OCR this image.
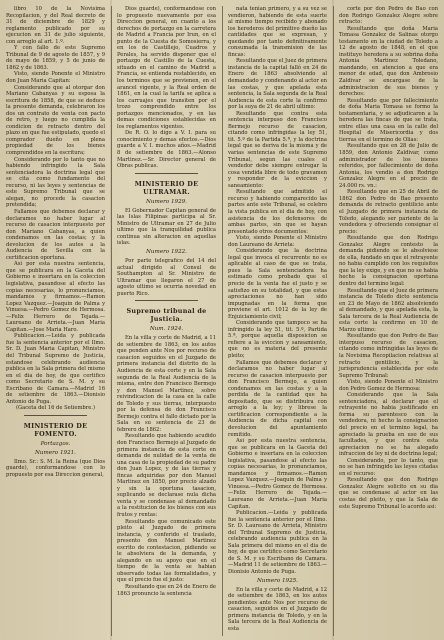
libro 10 de la Novisima Recopilacion, y del Real decreto de 31 de diciembre de 1829 y reglamento publicado por su ejecucion en 31 de julio siguiente, con arreglo al art. 1.º.

Y con fallo de este Supremo Tribunal de 9 de agosto de 1857, y 9 de mayo de 1859, y 5 de junio de 1862 y de 1863.

Visto, siendo Ponente el Ministro don Juan Maria Capitan:

Considerando que al otorgar don Mariano Cabanyas y su esposa la escritura de 1858, de que se deduce la presente demanda, celebraron los dos un contrato de venta con pacto de retro, y luego no cumplida la condicion de retracto dentro del plazo en que fue estipulado, quedo el comprador dueño en plena propiedad de los bienes comprendidos en la escritura;

Considerando por lo tanto que no habiendo infringido la Sala sentenciadora la doctrina legal que se cita como fundamento del recurso, ni las leyes y sentencias de este Supremo Tribunal que se alegan, no procede la casacion pretendida;

Fallamos que debemos declarar y declaramos no haber lugar al recurso de casacion interpuesto por don Mariano Cabanyas, a quien condenamos en las costas; y la devolucion de los autos a la Audiencia de Sevilla con la certificacion oportuna.

Asi por esta nuestra sentencia, que se publicara en la Gaceta del Gobierno e insertara en la coleccion legislativa, pasandose al efecto las copias necesarias, lo pronunciamos, mandamos y firmamos.—Ramon Lopez Vazquez.—Joaquin de Palma y Vinuesa.—Pedro Gomez de Hermosa.—Felix Herrero de Tejada.—Laureano de Arrieta.—Juan Maria Capitan.—Jose Maria Haro.

Publicacion.—Leida y publicada fue la sentencia anterior por el Ilmo. Sr. D. Juan Maria Capitan, Ministro del Tribunal Supremo de Justicia, estandose celebrando audiencia publica en la Sala primera del mismo en el dia de hoy, de que certifico como Secretario de S. M. y su Escribano de Camara.—Madrid 16 de setiembre de 1863.—Dionisio Antonio de Puga.

(Gaceta del 16 de Setiembre.)

MINISTERIO DE FOMENTO.
Portazgos.
Numero 1921.

Ilmo. Sr.: S. M. la Reina (que Dios guarde), conformandose con lo propuesto por esa Direccion general,

Dios guarde), conformandose con lo propuesto nuevamente por esa Direccion general, en cuanto a los derechos de portazgo en la carretera de Madrid a Francia por Irun, en el punto de la Cuesta de Somosierra, y en los de Castillejo, Cuadros y Perales, ha servido disponer que el portazgo de Castillo de la Cuesta, situado en el camino de Madrid a Francia, se entienda restablecido, en los terminos que se previenen, en el arancel vigente, y la Real orden de 1861, en la cual la tarifa se aplica a los carruajes que transiten por el trozo comprendido entre los portazgos mencionados, y en las demas condiciones establecidas en los reglamentos vigentes.

De R. O. lo digo a V. I. para su conocimiento y demas efectos.—Dios guarde a V. I. muchos años.—Madrid 8 de setiembre de 1863.—Alonso Martinez.—Sr. Director general de Obras publicas.

MINISTERIO DE ULTRAMAR.
Numero 1929.

El Gobernador Capitan general de las Islas Filipinas participa al Sr. Ministro de Ultramar en 27 de Julio ultimo que la tranquilidad publica continua sin alteracion en aquellas islas.

Numero 1922.

Por parte telegrafico del 14 del actual dirigido al Consul de Southampton al Sr. Ministro de Ultramar que llegaron el 27 de agosto ultimo se ocurria novedad en puerto Rico.

Supremo tribunal de Justicia.
Num. 1924.

En la villa y corte de Madrid, a 11 de setiembre de 1863, en los autos que penden ante Nos por recurso de casacion seguidos en el Juzgado de primera instancia del distrito de la Audiencia de esta corte y en la Sala segunda de la Real Audiencia de la misma, entre don Francisco Bermejo y don Manuel Martinez, sobre reivindicacion de la casa en la calle de Toledo y sus tierras, interpuesto por la defensa de don Francisco Bermejo contra el fallo dictado por la Sala en su sentencia de 23 de febrero de 1862:

Resultando que habiendo acudido don Francisco Bermejo al Juzgado de primera instancia de esta corte en demanda de nulidad de la venta de una casa de la propiedad de su padre don Juan Lopez, y de las tierras y fincas adquiridas por don Manuel Martinez en 1850, por precio alzado y sin la oportuna tasacion, suplicando se declarase nula dicha venta y se condenase al demandado a la restitucion de los bienes con sus frutos y rentas:

Resultando que comunicado este pleito al Juzgado de primera instancia, y conferido el traslado, presento don Manuel Martinez escrito de contestacion, pidiendo se le absolviera de la demanda, y alegando en su apoyo que en el tiempo de la venta se habian observado todas las formalidades, y que el precio fue el justo:

Resultando que en 24 de Enero de 1863 pronuncio la sentencia

nata tenian primero, y a su vez se vendieron, habiendo de esta suerte al mismo tiempo recibido y abonado los herederos del primitivo dueño las cantidades que se expresan, y quedando por tanto definitivamente consumada la transmision de las fincas:

Resultando que el Juez de primera instancia de la capital falló en 24 de Enero de 1863 absolviendo al demandado y condenando al actor en las costas, y que apelada esta sentencia, la Sala segunda de la Real Audiencia de esta corte la confirmo por la suya de 21 de abril ultimo:

Resultando que contra esta sentencia interpuso don Francisco Bermejo recurso de casacion, citando como infringidas la ley 51, tit. 5.º de la Partida 5.ª, y la doctrina legal que se deriva de la misma y de varias sentencias de este Supremo Tribunal, segun las cuales el vendedor debe siempre entregar la cosa vendida libre de todo gravamen y responder de la eviccion y saneamiento:

Resultando que admitido el recurso y habiendo comparecido las partes ante este Tribunal, se celebro la vista publica en el dia de hoy, con asistencia de los defensores de ambas partes, sin que se hayan presentado otros documentos:

Visto, siendo Ponente el Ministro don Laureano de Arrieta:

Considerando que la doctrina legal que invoca el recurrente no es aplicable al caso de que se trata, pues la Sala sentenciadora ha estimado como probado que el precio de la venta fue el justo y se satisfizo en su totalidad, y que estas apreciaciones no han sido impugnadas en la forma que previene el art. 1012 de la ley de Enjuiciamiento civil;

Considerando que tampoco se ha infringido la ley 51, tit. 5.º, Partida 5.ª, porque aquella disposicion se refiere a la eviccion y saneamiento, que no es materia del presente pleito;

Fallamos que debemos declarar y declaramos no haber lugar al recurso de casacion interpuesto por don Francisco Bermejo, a quien condenamos en las costas y a la perdida de la cantidad que ha depositado, que se distribuira con arreglo a la ley; y librese la certificacion correspondiente a la Audiencia de dicha capital con devolucion del apuntamiento remitido.

Asi por esta nuestra sentencia, que se publicara en la Gaceta del Gobierno e insertara en la coleccion legislativa, pasandose al efecto las copias necesarias, lo pronunciamos, mandamos y firmamos.—Ramon Lopez Vazquez.—Joaquin de Palma y Vinuesa.—Pedro Gomez de Hermosa.—Felix Herrero de Tejada.—Laureano de Arrieta.—Juan Maria Capitan.

Publicacion.—Leida y publicada fue la sentencia anterior por el Ilmo. Sr. D. Laureano de Arrieta, Ministro del Tribunal Supremo de Justicia, celebrando audiencia publica en la Sala primera del mismo en el dia de hoy, de que certifico como Secretario de S. M. y su Escribano de Camara.—Madrid 11 de setiembre de 1863.—Dionisio Antonio de Puga.

Numero 1925.

En la villa y corte de Madrid, a 12 de setiembre de 1863, en los autos pendientes ante Nos por recurso de casacion, seguidos en el Juzgado de primera instancia de Toledo, y en la Sala tercera de la Real Audiencia de esta

corte por don Pedro de Bao con don Rodrigo Gonzalez Alegre sobre retracto:

Resultando que doña Maria Tomasa Gonzalez de Salinas otorgo testamento en la ciudad de Toledo a 12 de agosto de 1848, en el que instituyo heredera a su sobrina doña Antonia Martinez Toledano, mandando, en atencion a que era menor de edad, que don Ambrosio Zaldivar se encargase de la administracion de sus bienes y derechos:

Resultando que por fallecimiento de doña Maria Tomasa se formo la testamentaria, y se adjudicaron a la heredera las fincas de que se trata, entre ellas una casa en la calle del Hospital de Misericordia y dos tierras en el termino de Olias:

Resultando que en 28 de Julio de 1859, don Antonio Zaldivar, como administrador de los bienes referidos, por fallecimiento de doña Antonia, los vendio a don Rodrigo Gonzalez Alegre en el precio de 24.000 rs. vn.:

Resultando que en 25 de Abril de 1862 don Pedro de Bao presento demanda de retracto gentilicio ante el Juzgado de primera instancia de Toledo, alegando ser pariente de la vendedora y ofreciendo consignar el precio:

Resultando que don Rodrigo Gonzalez Alegre contesto la demanda pidiendo se le absolviese de ella, fundado en que el retrayente no habia cumplido con los requisitos que la ley exige, y en que no se habia hecho la consignacion oportuna dentro del termino legal:

Resultando que el Juez de primera instancia de Toledo dicto sentencia en 23 de Mayo de 1862 absolviendo al demandado, y que apelada esta, la Sala tercera de la Real Audiencia de esta corte la confirmo en 10 de Marzo ultimo:

Resultando que don Pedro de Bao interpuso recurso de casacion, citando como infringidas las leyes de la Novisima Recopilacion relativas al retracto gentilicio, y la jurisprudencia establecida por este Supremo Tribunal:

Visto, siendo Ponente el Ministro don Pedro Gomez de Hermosa:

Considerando que la Sala sentenciadora, al declarar que el retrayente no habia justificado en forma su parentesco con la vendedora, ni hecho la consignacion del precio en el termino legal, ha apreciado la prueba en uso de sus facultades, y que contra esta apreciacion no se ha alegado infraccion de ley ni de doctrina legal;

Considerando, por lo tanto, que no se han infringido las leyes citadas en el recurso:

Resultando que don Rodrigo Gonzalez Alegre solicito en su dia que se condenase al actor en las costas del pleito, y que la Sala de este Supremo Tribunal lo acordo asi:
